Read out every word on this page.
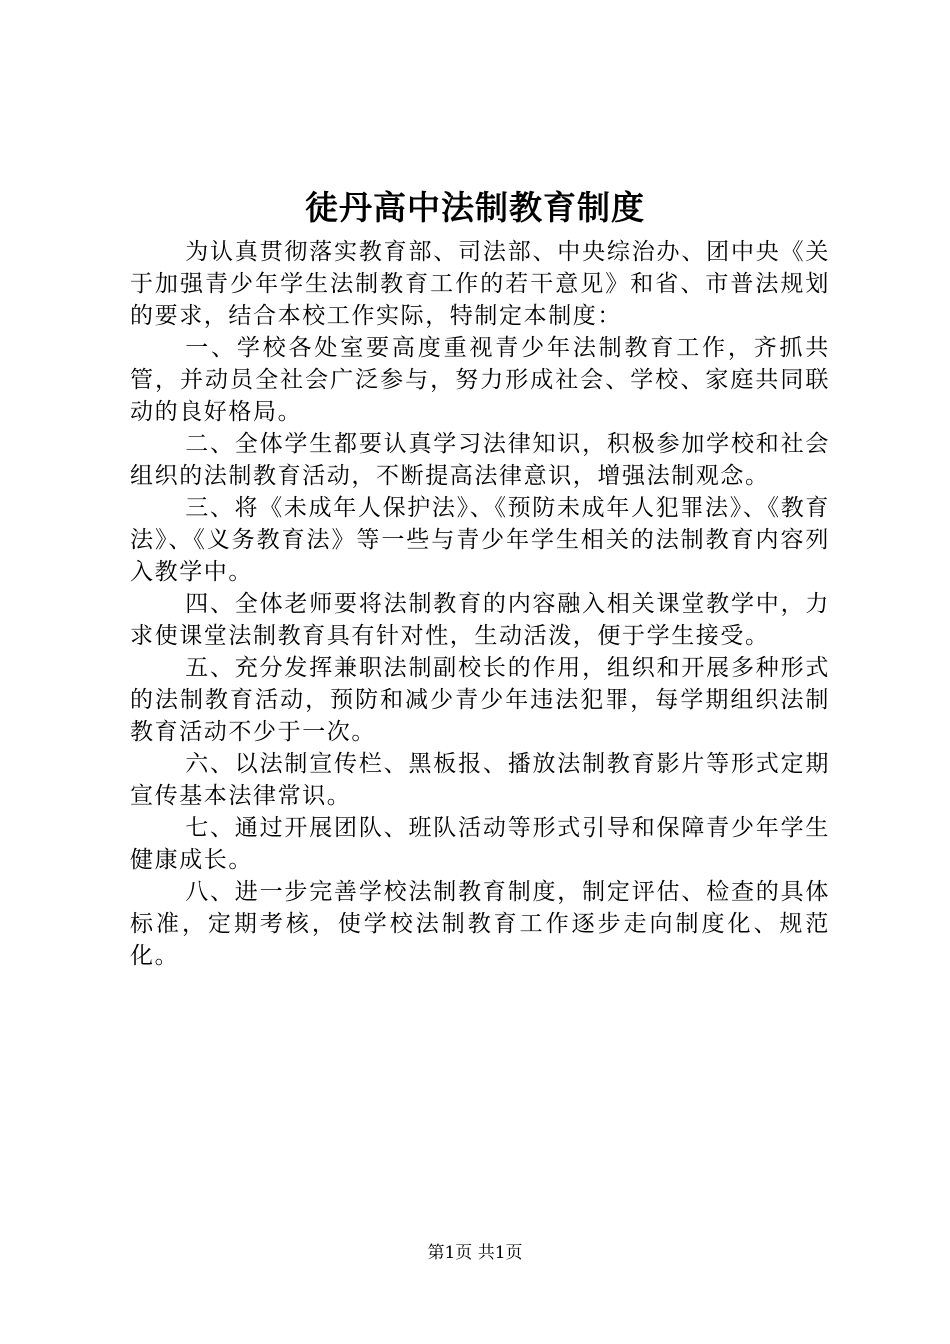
徒丹高中法制教育制度

为认真贯彻落实教育部、司法部、中央综治办、团中央《关于加强青少年学生法制教育工作的若干意见》和省、市普法规划的要求，结合本校工作实际，特制定本制度：

一、学校各处室要高度重视青少年法制教育工作，齐抓共管，并动员全社会广泛参与，努力形成社会、学校、家庭共同联动的良好格局。

二、全体学生都要认真学习法律知识，积极参加学校和社会组织的法制教育活动，不断提高法律意识，增强法制观念。

三、将《未成年人保护法》、《预防未成年人犯罪法》、《教育法》、《义务教育法》等一些与青少年学生相关的法制教育内容列入教学中。

四、全体老师要将法制教育的内容融入相关课堂教学中，力求使课堂法制教育具有针对性，生动活泼，便于学生接受。

五、充分发挥兼职法制副校长的作用，组织和开展多种形式的法制教育活动，预防和减少青少年违法犯罪，每学期组织法制教育活动不少于一次。

六、以法制宣传栏、黑板报、播放法制教育影片等形式定期宣传基本法律常识。

七、通过开展团队、班队活动等形式引导和保障青少年学生健康成长。

八、进一步完善学校法制教育制度，制定评估、检查的具体标准，定期考核，使学校法制教育工作逐步走向制度化、规范化。

第1页 共1页
